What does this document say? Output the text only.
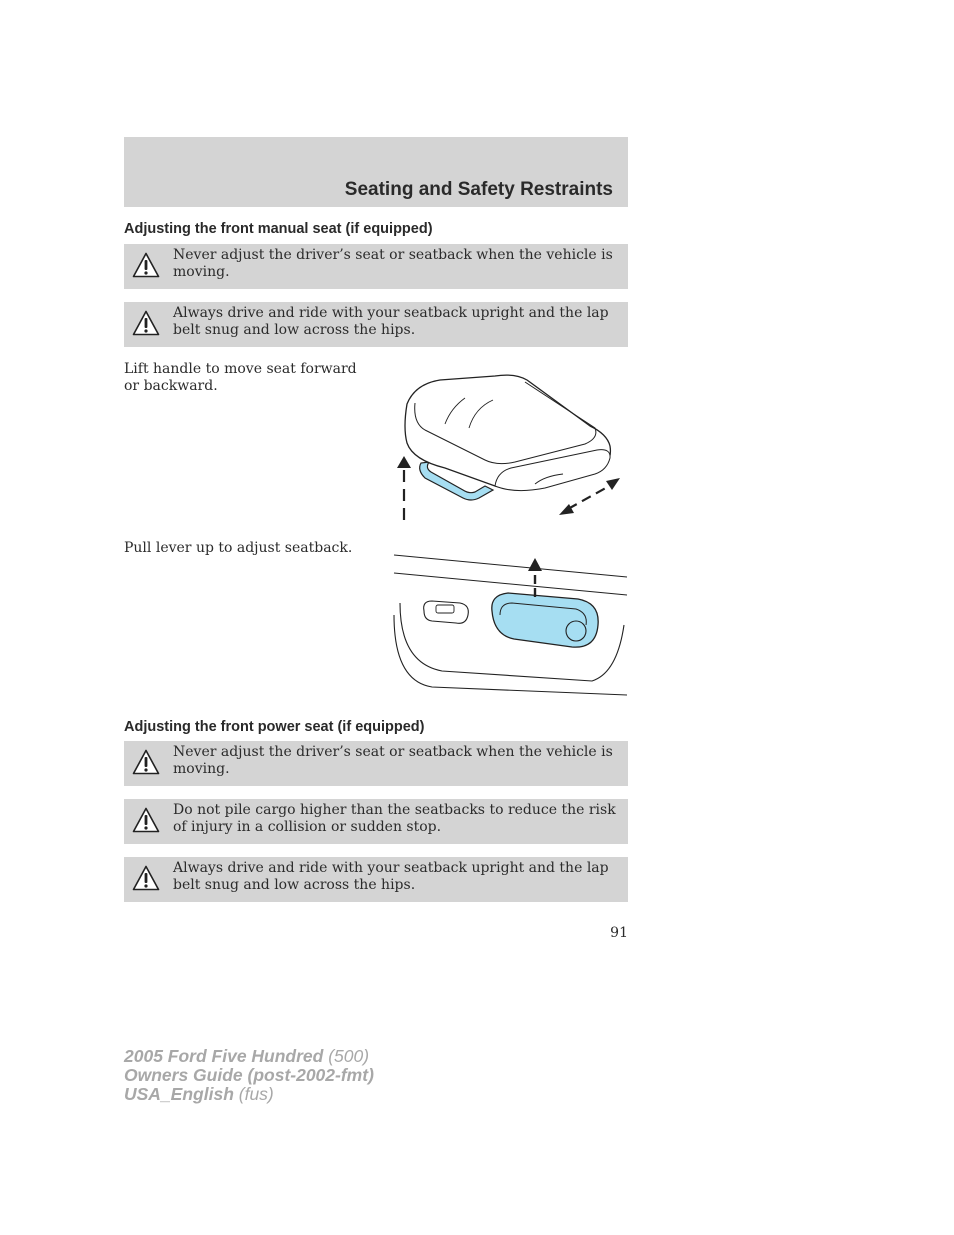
Seating and Safety Restraints
Adjusting the front manual seat (if equipped)
Never adjust the driver’s seat or seatback when the vehicle is moving.
Always drive and ride with your seatback upright and the lap belt snug and low across the hips.
Lift handle to move seat forward or backward.
Pull lever up to adjust seatback.
Adjusting the front power seat (if equipped)
Never adjust the driver’s seat or seatback when the vehicle is moving.
Do not pile cargo higher than the seatbacks to reduce the risk of injury in a collision or sudden stop.
Always drive and ride with your seatback upright and the lap belt snug and low across the hips.
91
2005 Ford Five Hundred (500)
Owners Guide (post-2002-fmt)
USA_English (fus)
